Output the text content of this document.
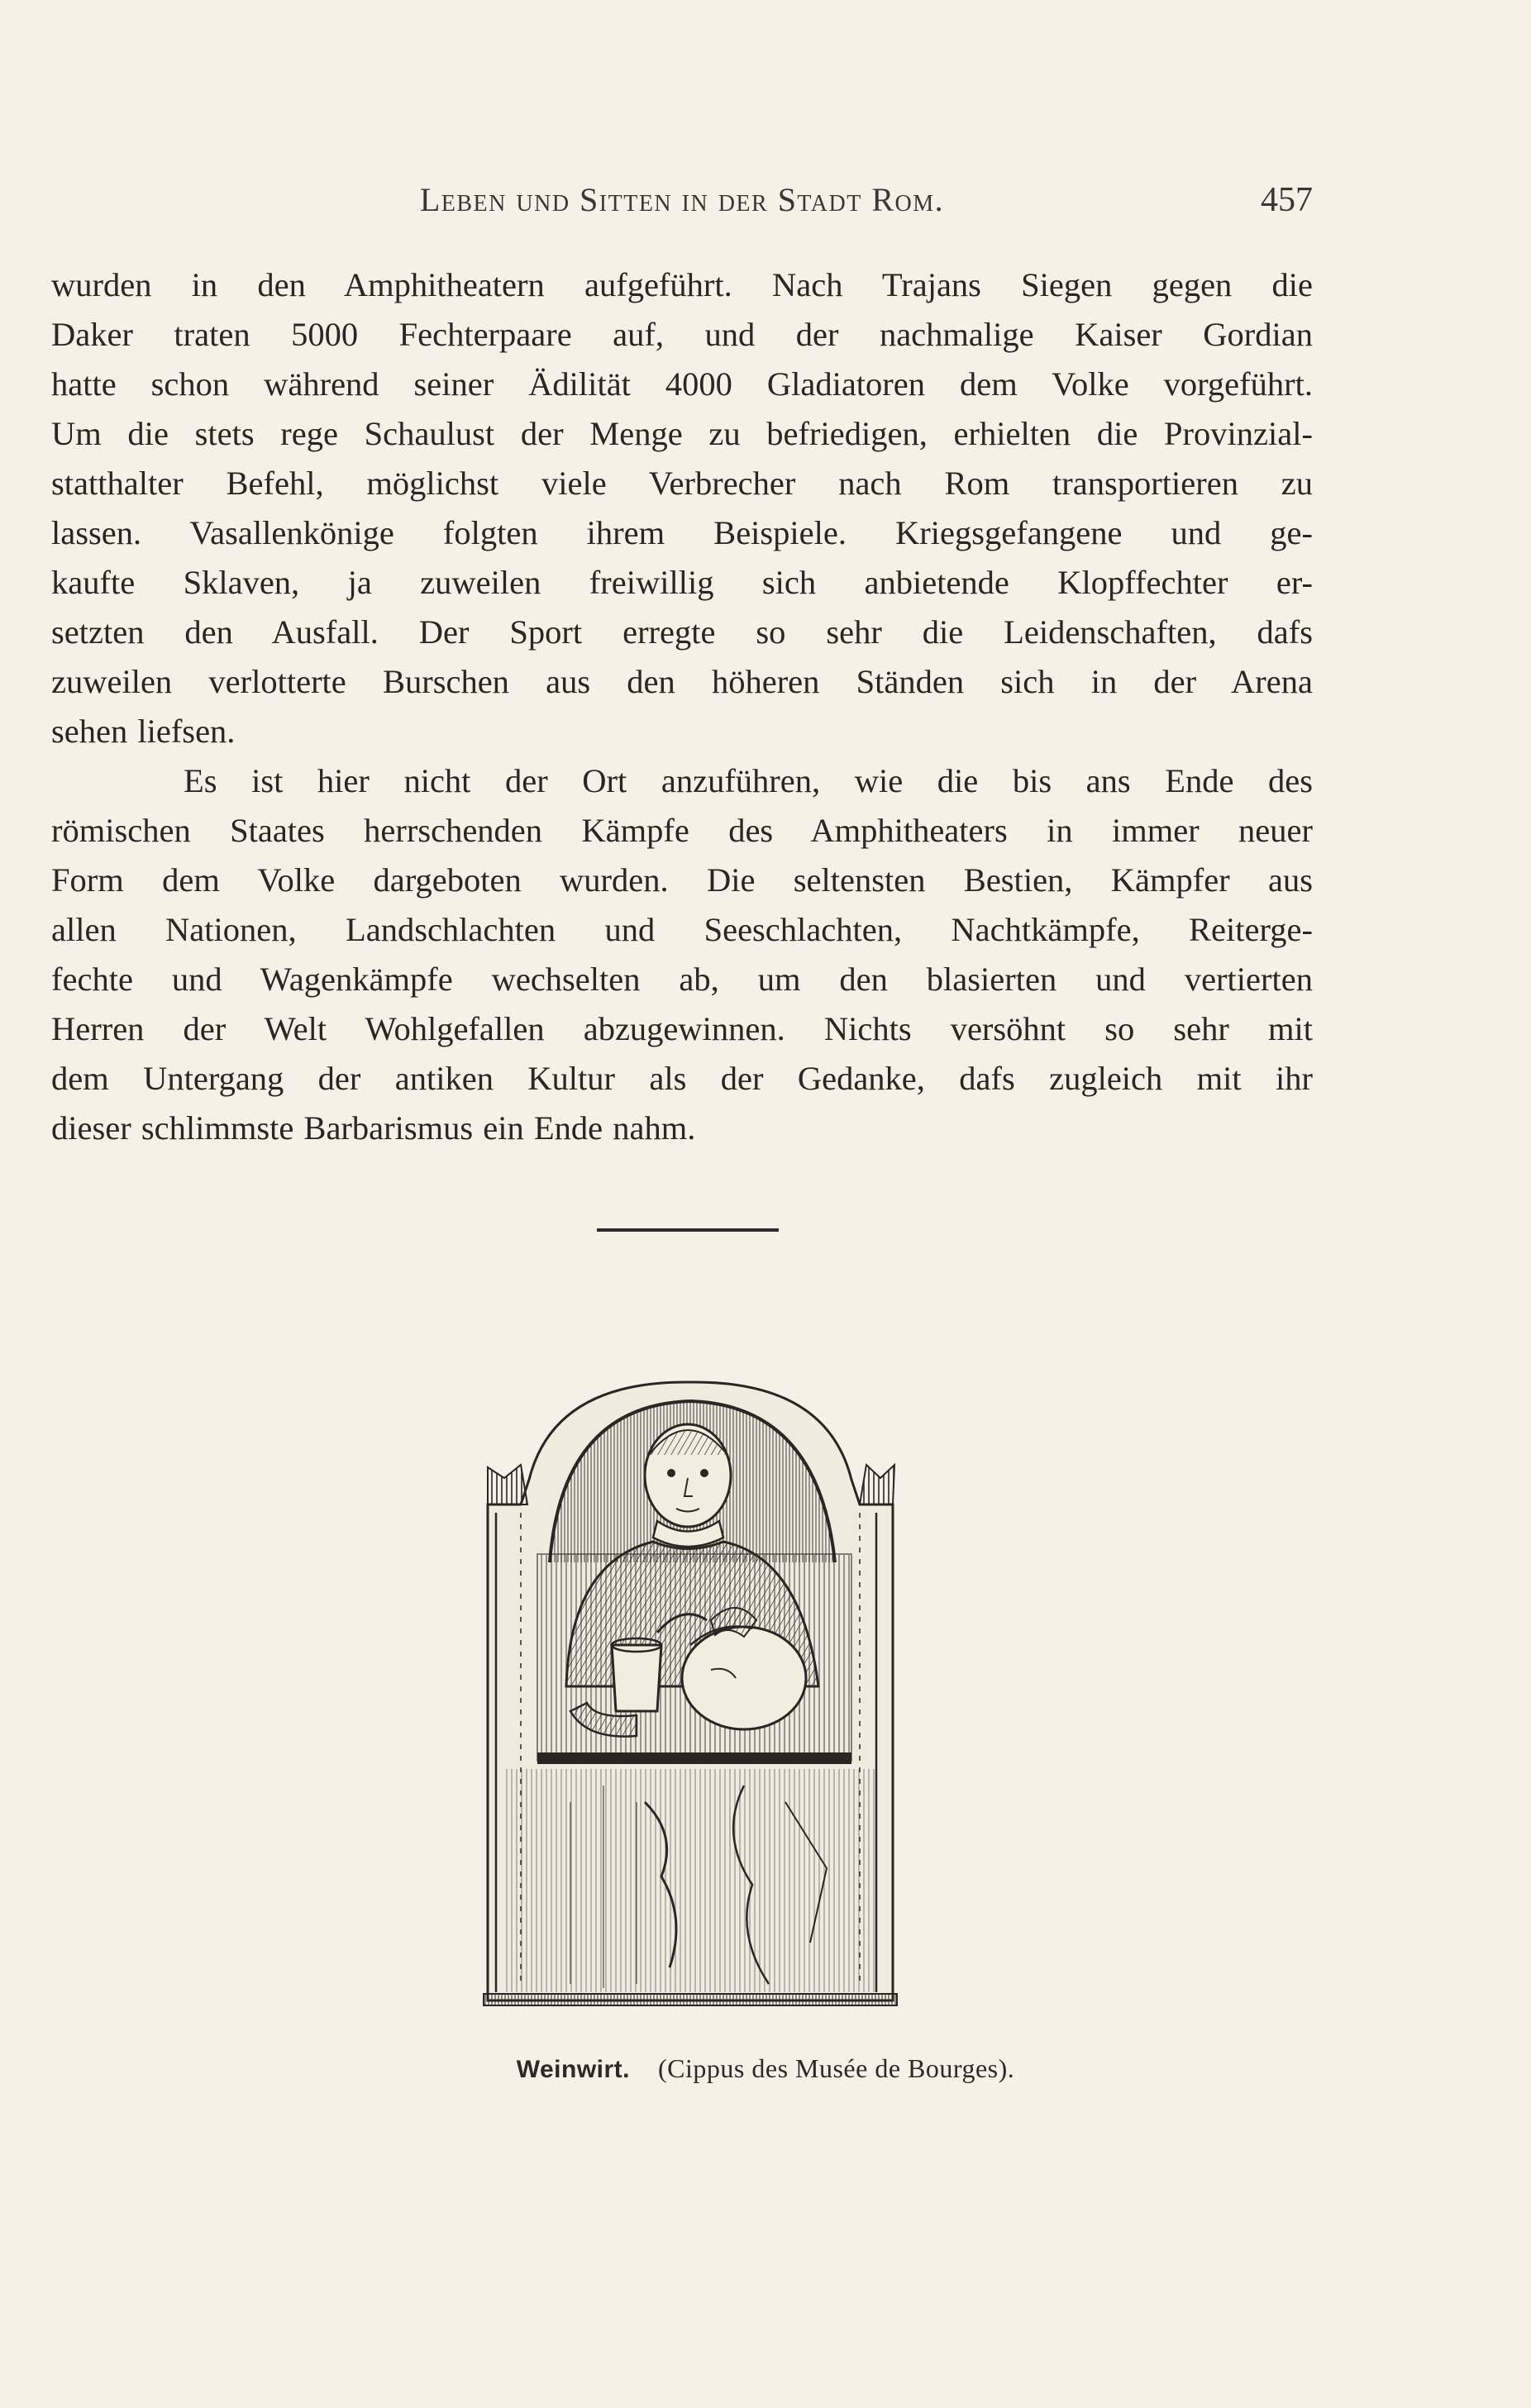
Leben und Sitten in der Stadt Rom.	457
wurden in den Amphitheatern aufgeführt. Nach Trajans Siegen gegen die
Daker traten 5000 Fechterpaare auf, und der nachmalige Kaiser Gordian
hatte schon während seiner Ädilität 4000 Gladiatoren dem Volke vorgeführt.
Um die stets rege Schaulust der Menge zu befriedigen, erhielten die Provinzial-
statthalter Befehl, möglichst viele Verbrecher nach Rom transportieren zu
lassen. Vasallenkönige folgten ihrem Beispiele. Kriegsgefangene und ge-
kaufte Sklaven, ja zuweilen freiwillig sich anbietende Klopffechter er-
setzten den Ausfall. Der Sport erregte so sehr die Leidenschaften, dafs
zuweilen verlotterte Burschen aus den höheren Ständen sich in der Arena
sehen liefsen.
Es ist hier nicht der Ort anzuführen, wie die bis ans Ende des
römischen Staates herrschenden Kämpfe des Amphitheaters in immer neuer
Form dem Volke dargeboten wurden. Die seltensten Bestien, Kämpfer aus
allen Nationen, Landschlachten und Seeschlachten, Nachtkämpfe, Reiterge-
fechte und Wagenkämpfe wechselten ab, um den blasierten und vertierten
Herren der Welt Wohlgefallen abzugewinnen. Nichts versöhnt so sehr mit
dem Untergang der antiken Kultur als der Gedanke, dafs zugleich mit ihr
dieser schlimmste Barbarismus ein Ende nahm.
Weinwirt. (Cippus des Musée de Bourges).
